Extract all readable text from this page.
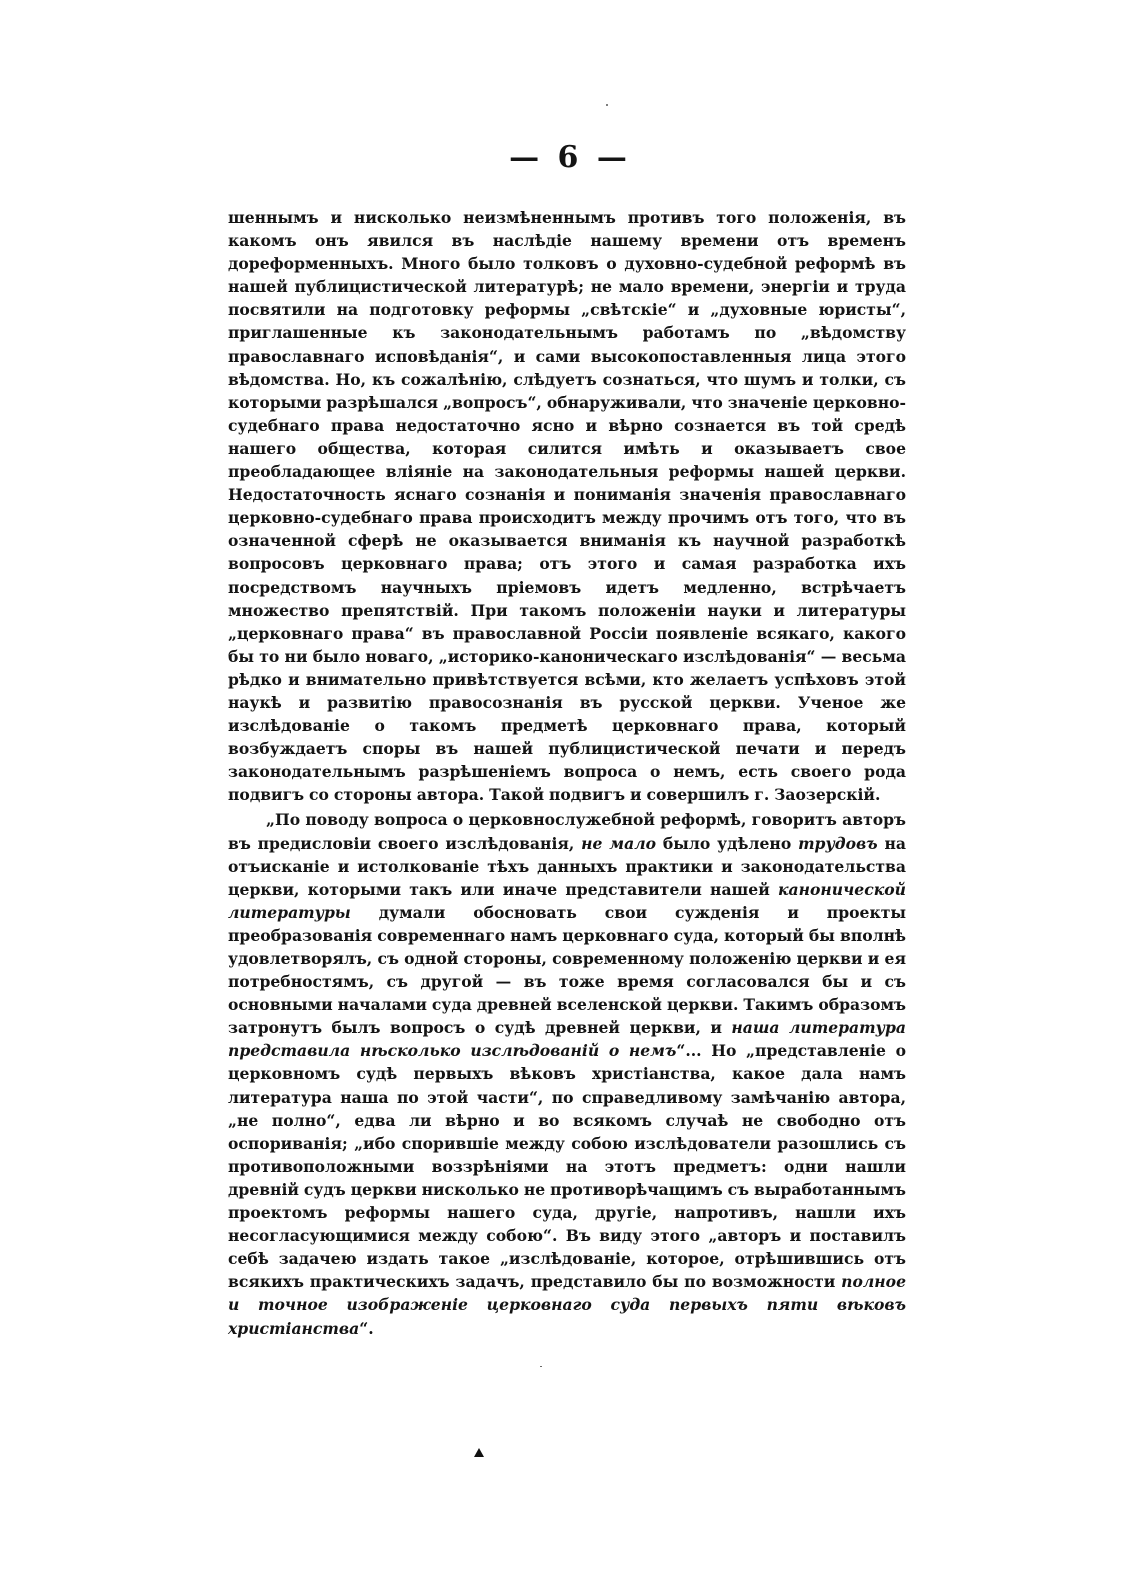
— 6 —

шеннымъ и нисколько неизмѣненнымъ противъ того положенія, въ какомъ онъ явился въ наслѣдіе нашему времени отъ временъ дореформенныхъ. Много было толковъ о духовно-судебной реформѣ въ нашей публицистической литературѣ; не мало времени, энергіи и труда посвятили на подготовку реформы „свѣтскіе“ и „духовные юристы“, приглашенные къ законодательнымъ работамъ по „вѣдомству православнаго исповѣданія“, и сами высокопоставленныя лица этого вѣдомства. Но, къ сожалѣнію, слѣдуетъ сознаться, что шумъ и толки, съ которыми разрѣшался „вопросъ“, обнаруживали, что значеніе церковно-судебнаго права недостаточно ясно и вѣрно сознается въ той средѣ нашего общества, которая силится имѣть и оказываетъ свое преобладающее вліяніе на законодательныя реформы нашей церкви. Недостаточность яснаго сознанія и пониманія значенія православнаго церковно-судебнаго права происходитъ между прочимъ отъ того, что въ означенной сферѣ не оказывается вниманія къ научной разработкѣ вопросовъ церковнаго права; отъ этого и самая разработка ихъ посредствомъ научныхъ пріемовъ идетъ медленно, встрѣчаетъ множество препятствій. При такомъ положеніи науки и литературы „церковнаго права“ въ православной Россіи появленіе всякаго, какого бы то ни было новаго, „историко-каноническаго изслѣдованія“ — весьма рѣдко и внимательно привѣтствуется всѣми, кто желаетъ успѣховъ этой наукѣ и развитію правосознанія въ русской церкви. Ученое же изслѣдованіе о такомъ предметѣ церковнаго права, который возбуждаетъ споры въ нашей публицистической печати и передъ законодательнымъ разрѣшеніемъ вопроса о немъ, есть своего рода подвигъ со стороны автора. Такой подвигъ и совершилъ г. Заозерскій.

„По поводу вопроса о церковнослужебной реформѣ, говоритъ авторъ въ предисловіи своего изслѣдованія, не мало было удѣлено трудовъ на отъисканіе и истолкованіе тѣхъ данныхъ практики и законодательства церкви, которыми такъ или иначе представители нашей канонической литературы думали обосновать свои сужденія и проекты преобразованія современнаго намъ церковнаго суда, который бы вполнѣ удовлетворялъ, съ одной стороны, современному положенію церкви и ея потребностямъ, съ другой — въ тоже время согласовался бы и съ основными началами суда древней вселенской церкви. Такимъ образомъ затронутъ былъ вопросъ о судѣ древней церкви, и наша литература представила нѣсколько изслѣдованій о немъ“... Но „представленіе о церковномъ судѣ первыхъ вѣковъ христіанства, какое дала намъ литература наша по этой части“, по справедливому замѣчанію автора, „не полно“, едва ли вѣрно и во всякомъ случаѣ не свободно отъ оспориванія; „ибо спорившіе между собою изслѣдователи разошлись съ противоположными воззрѣніями на этотъ предметъ: одни нашли древній судъ церкви нисколько не противорѣчащимъ съ выработаннымъ проектомъ реформы нашего суда, другіе, напротивъ, нашли ихъ несогласующимися между собою“. Въ виду этого „авторъ и поставилъ себѣ задачею издать такое „изслѣдованіе, которое, отрѣшившись отъ всякихъ практическихъ задачъ, представило бы по возможности полное и точное изображеніе церковнаго суда первыхъ пяти вѣковъ христіанства“.
